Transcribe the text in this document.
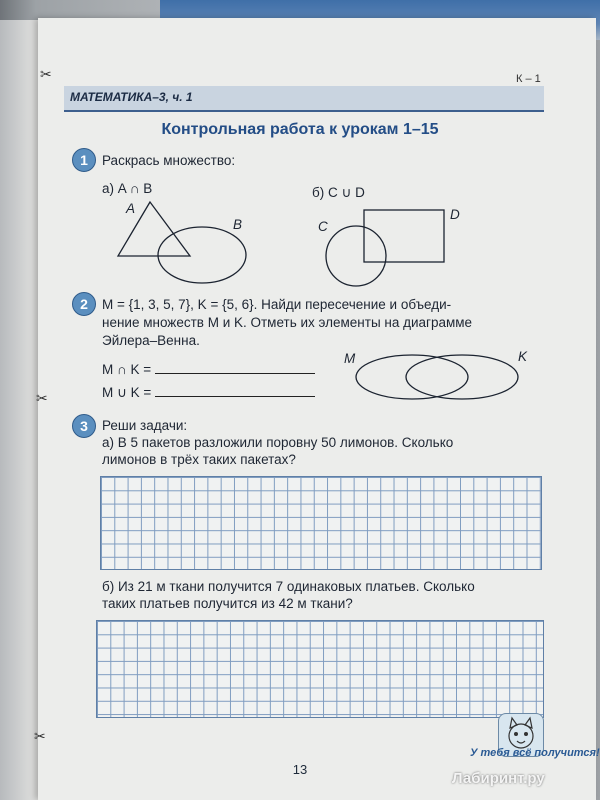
✂
✂
✂
К – 1
МАТЕМАТИКА–3, ч. 1
Контрольная работа к урокам 1–15
1	Раскрась множество:
а) A ∩ B	б) C ∪ D
A
B	C
D
2	M = {1, 3, 5, 7}, K = {5, 6}. Найди пересечение и объеди-
нение множеств M и K. Отметь их элементы на диаграмме
Эйлера–Венна.
M ∩ K =
M ∪ K =
M	K
3	Реши задачи:
а) В 5 пакетов разложили поровну 50 лимонов. Сколько
лимонов в трёх таких пакетах?
б) Из 21 м ткани получится 7 одинаковых платьев. Сколько
таких платьев получится из 42 м ткани?
У тебя всё получится!
13
Лабиринт.ру
